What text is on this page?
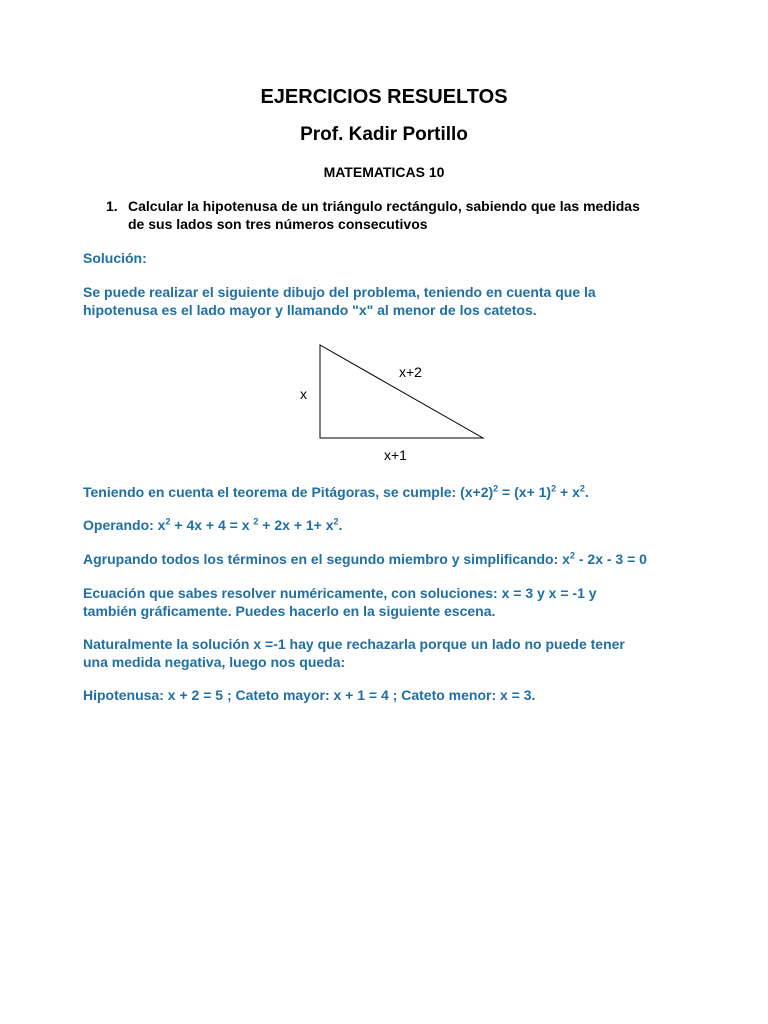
EJERCICIOS RESUELTOS
Prof. Kadir Portillo
MATEMATICAS 10
1. Calcular la hipotenusa de un triángulo rectángulo, sabiendo que las medidas
de sus lados son tres números consecutivos
Solución:
Se puede realizar el siguiente dibujo del problema, teniendo en cuenta que la
hipotenusa es el lado mayor y llamando "x" al menor de los catetos.
x
x+2
x+1
Teniendo en cuenta el teorema de Pitágoras, se cumple: $(x+2)^2 = (x+ 1)^2 + x^2$.
Operando: $x^2 + 4x + 4 = x$ $^2 + 2x + 1+ x^2$.
Agrupando todos los términos en el segundo miembro y simplificando: $x^2 - 2x - 3 = 0$
Ecuación que sabes resolver numéricamente, con soluciones: x = 3 y x = -1 y
también gráficamente. Puedes hacerlo en la siguiente escena.
Naturalmente la solución x =-1 hay que rechazarla porque un lado no puede tener
una medida negativa, luego nos queda:
Hipotenusa: x + 2 = 5 ; Cateto mayor: x + 1 = 4 ; Cateto menor: x = 3.
